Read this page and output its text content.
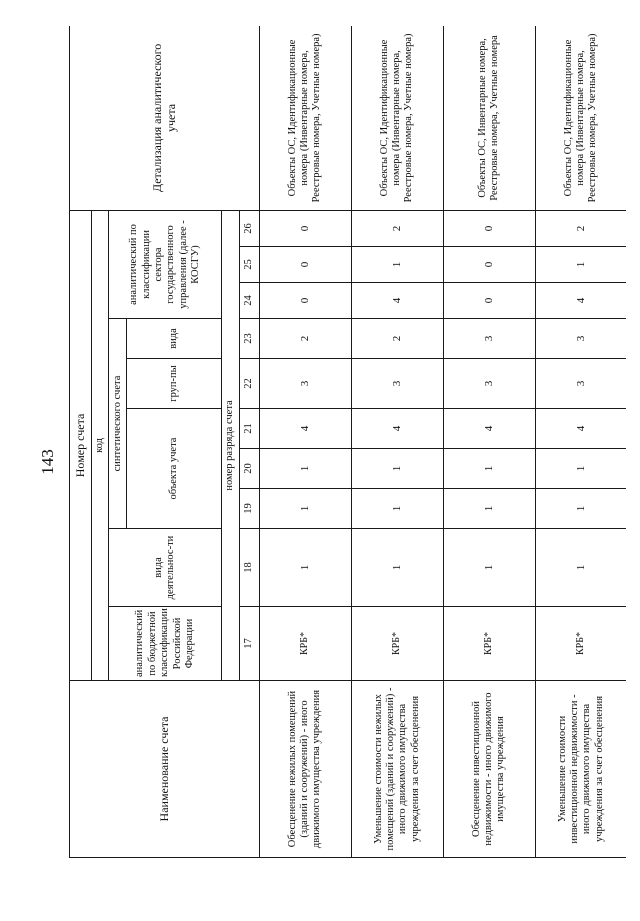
143
Наименование счета	Номер счета										Детализация аналитического учета
	код										
	аналитический по бюджетной классификации Российской Федерации	вида деятельнос-ти	синтетического счета					аналитический по классификации сектора государственного управления (далее - КОСГУ)			
			объекта учета			груп-пы	вида				
	номер разряда счета										
	17	18	19	20	21	22	23	24	25	26	
Обесценение нежилых помещений (зданий и сооружений) - иного движимого имущества учреждения	КРБ*	1	1	1	4	3	2	0	0	0	Объекты ОС, Идентификационные номера (Инвентарные номера, Реестровые номера, Учетные номера)
Уменьшение стоимости нежилых помещений (зданий и сооружений) - иного движимого имущества учреждения за счет обесценения	КРБ*	1	1	1	4	3	2	4	1	2	Объекты ОС, Идентификационные номера (Инвентарные номера, Реестровые номера, Учетные номера)
Обесценение инвестиционной недвижимости - иного движимого имущества учреждения	КРБ*	1	1	1	4	3	3	0	0	0	Объекты ОС, Инвентарные номера, Реестровые номера, Учетные номера
Уменьшение стоимости инвестиционной недвижимости - иного движимого имущества учреждения за счет обесценения	КРБ*	1	1	1	4	3	3	4	1	2	Объекты ОС, Идентификационные номера (Инвентарные номера, Реестровые номера, Учетные номера)
